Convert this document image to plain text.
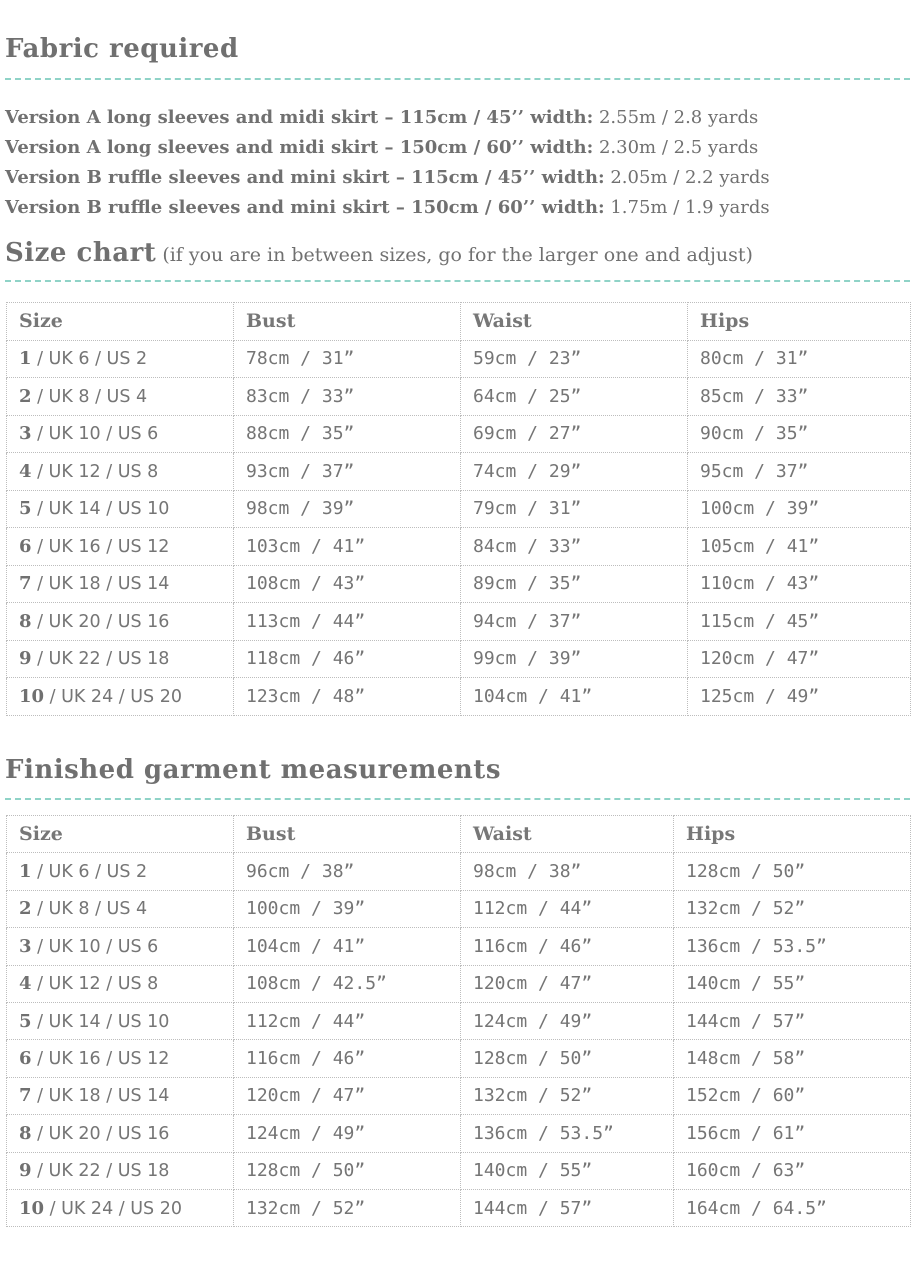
Fabric required
Version A long sleeves and midi skirt – 115cm / 45’’ width: 2.55m / 2.8 yards
Version A long sleeves and midi skirt – 150cm / 60’’ width: 2.30m / 2.5 yards
Version B ruffle sleeves and mini skirt – 115cm / 45’’ width: 2.05m / 2.2 yards
Version B ruffle sleeves and mini skirt – 150cm / 60’’ width: 1.75m / 1.9 yards
Size chart (if you are in between sizes, go for the larger one and adjust)
Size	Bust	Waist	Hips
1 / UK 6 / US 2	78cm / 31”	59cm / 23”	80cm / 31”
2 / UK 8 / US 4	83cm / 33”	64cm / 25”	85cm / 33”
3 / UK 10 / US 6	88cm / 35”	69cm / 27”	90cm / 35”
4 / UK 12 / US 8	93cm / 37”	74cm / 29”	95cm / 37”
5 / UK 14 / US 10	98cm / 39”	79cm / 31”	100cm / 39”
6 / UK 16 / US 12	103cm / 41”	84cm / 33”	105cm / 41”
7 / UK 18 / US 14	108cm / 43”	89cm / 35”	110cm / 43”
8 / UK 20 / US 16	113cm / 44”	94cm / 37”	115cm / 45”
9 / UK 22 / US 18	118cm / 46”	99cm / 39”	120cm / 47”
10 / UK 24 / US 20	123cm / 48”	104cm / 41”	125cm / 49”
Finished garment measurements
Size	Bust	Waist	Hips
1 / UK 6 / US 2	96cm / 38”	98cm / 38”	128cm / 50”
2 / UK 8 / US 4	100cm / 39”	112cm / 44”	132cm / 52”
3 / UK 10 / US 6	104cm / 41”	116cm / 46”	136cm / 53.5”
4 / UK 12 / US 8	108cm / 42.5”	120cm / 47”	140cm / 55”
5 / UK 14 / US 10	112cm / 44”	124cm / 49”	144cm / 57”
6 / UK 16 / US 12	116cm / 46”	128cm / 50”	148cm / 58”
7 / UK 18 / US 14	120cm / 47”	132cm / 52”	152cm / 60”
8 / UK 20 / US 16	124cm / 49”	136cm / 53.5”	156cm / 61”
9 / UK 22 / US 18	128cm / 50”	140cm / 55”	160cm / 63”
10 / UK 24 / US 20	132cm / 52”	144cm / 57”	164cm / 64.5”
